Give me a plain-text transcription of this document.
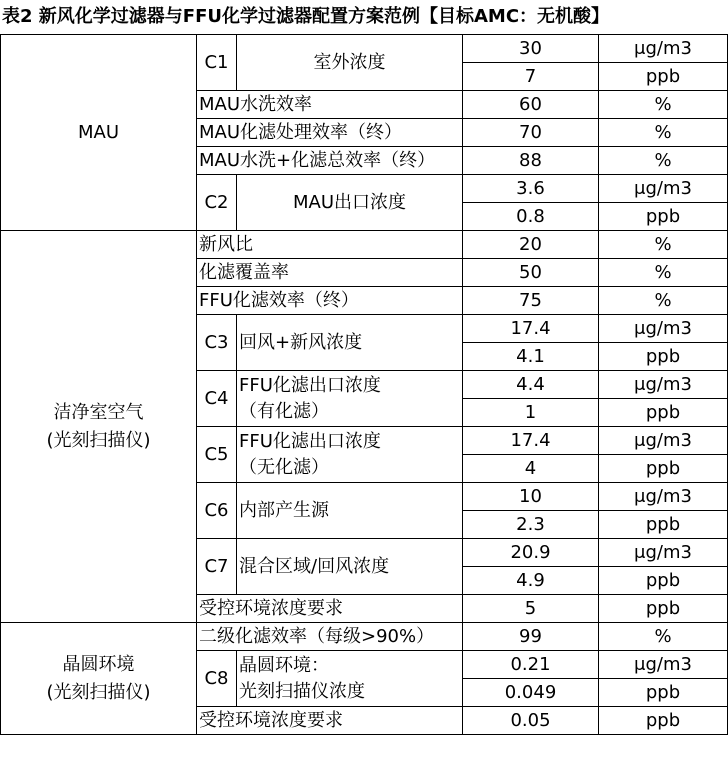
表2 新风化学过滤器与FFU化学过滤器配置方案范例【目标AMC：无机酸】
MAU	C1	室外浓度	30	μg/m3
			7	ppb
	MAU水洗效率		60	%
	MAU化滤处理效率（终）		70	%
	MAU水洗+化滤总效率（终）		88	%
	C2	MAU出口浓度	3.6	μg/m3
			0.8	ppb

洁净室空气
(光刻扫描仪)	新风比		20	%
	化滤覆盖率		50	%
	FFU化滤效率（终）		75	%
	C3	回风+新风浓度	17.4	μg/m3
			4.1	ppb
	C4	FFU化滤出口浓度
（有化滤）	4.4	μg/m3
			1	ppb
	C5	FFU化滤出口浓度
（无化滤）	17.4	μg/m3
			4	ppb
	C6	内部产生源	10	μg/m3
			2.3	ppb
	C7	混合区域/回风浓度	20.9	μg/m3
			4.9	ppb
	受控环境浓度要求		5	ppb

晶圆环境
(光刻扫描仪)	二级化滤效率（每级>90%）		99	%
	C8	晶圆环境：
光刻扫描仪浓度	0.21	μg/m3
			0.049	ppb
	受控环境浓度要求		0.05	ppb
